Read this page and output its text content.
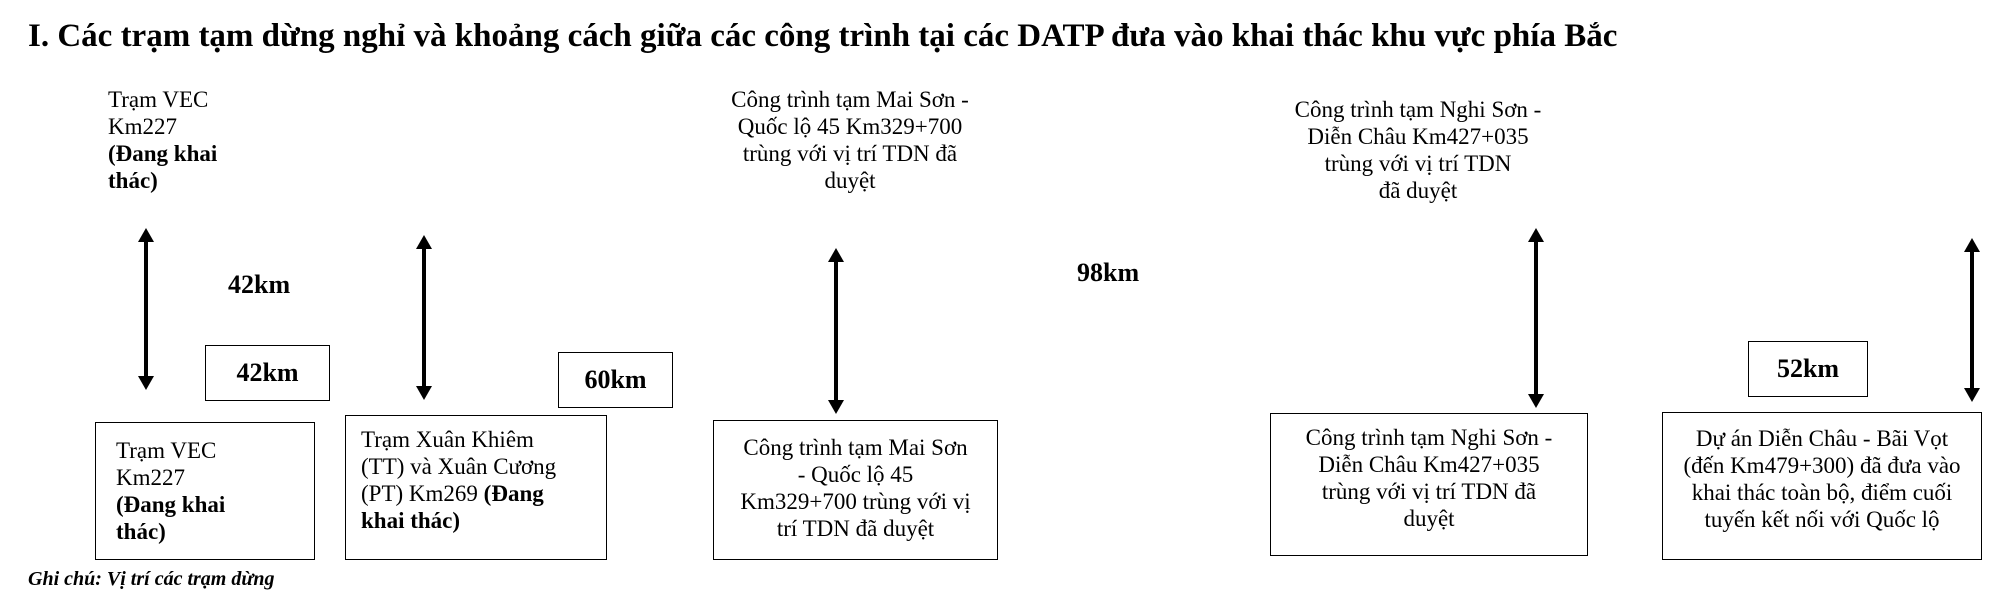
I. Các trạm tạm dừng nghỉ và khoảng cách giữa các công trình tại các DATP đưa vào khai thác khu vực phía Bắc
Trạm VEC
Km227
(Đang khai
thác)
Công trình tạm Mai Sơn -
Quốc lộ 45 Km329+700
trùng với vị trí TDN đã
duyệt
Công trình tạm Nghi Sơn -
Diễn Châu Km427+035
trùng với vị trí TDN
đã duyệt
42km
42km	60km
98km
52km
Trạm VEC
Km227
(Đang khai
thác)
Trạm Xuân Khiêm
(TT) và Xuân Cương
(PT) Km269 (Đang
khai thác)
Công trình tạm Mai Sơn
- Quốc lộ 45
Km329+700 trùng với vị
trí TDN đã duyệt
Công trình tạm Nghi Sơn -
Diễn Châu Km427+035
trùng với vị trí TDN đã
duyệt
Dự án Diễn Châu - Bãi Vọt
(đến Km479+300) đã đưa vào
khai thác toàn bộ, điểm cuối
tuyến kết nối với Quốc lộ
Ghi chú: Vị trí các trạm dừng
